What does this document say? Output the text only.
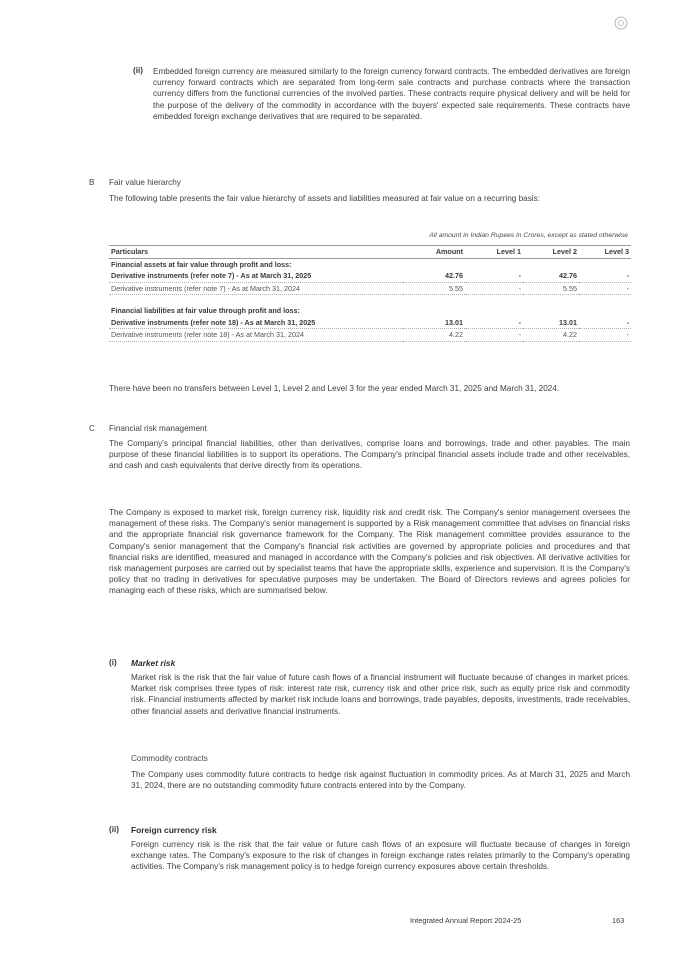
(ii) Embedded foreign currency are measured similarly to the foreign currency forward contracts. The embedded derivatives are foreign currency forward contracts which are separated from long-term sale contracts and purchase contracts where the transaction currency differs from the functional currencies of the involved parties. These contracts require physical delivery and will be held for the purpose of the delivery of the commodity in accordance with the buyers' expected sale requirements. These contracts have embedded foreign exchange derivatives that are required to be separated.

B Fair value hierarchy

The following table presents the fair value hierarchy of assets and liabilities measured at fair value on a recurring basis:

All amount in Indian Rupees in Crores, except as stated otherwise
Particulars	Amount	Level 1	Level 2	Level 3
Financial assets at fair value through profit and loss:				
Derivative instruments (refer note 7) - As at March 31, 2025	42.76	-	42.76	-
Derivative instruments (refer note 7) - As at March 31, 2024	5.55	-	5.55	-

Financial liabilities at fair value through profit and loss:				
Derivative instruments (refer note 18) - As at March 31, 2025	13.01	-	13.01	-
Derivative instruments (refer note 18) - As at March 31, 2024	4.22	-	4.22	-

There have been no transfers between Level 1, Level 2 and Level 3 for the year ended March 31, 2025 and March 31, 2024.

C Financial risk management

The Company's principal financial liabilities, other than derivatives, comprise loans and borrowings, trade and other payables. The main purpose of these financial liabilities is to support its operations. The Company's principal financial assets include trade and other receivables, and cash and cash equivalents that derive directly from its operations.

The Company is exposed to market risk, foreign currency risk, liquidity risk and credit risk. The Company's senior management oversees the management of these risks. The Company's senior management is supported by a Risk management committee that advises on financial risks and the appropriate financial risk governance framework for the Company. The Risk management committee provides assurance to the Company's senior management that the Company's financial risk activities are governed by appropriate policies and procedures and that financial risks are identified, measured and managed in accordance with the Company's policies and risk objectives. All derivative activities for risk management purposes are carried out by specialist teams that have the appropriate skills, experience and supervision. It is the Company's policy that no trading in derivatives for speculative purposes may be undertaken. The Board of Directors reviews and agrees policies for managing each of these risks, which are summarised below.

(i) Market risk

Market risk is the risk that the fair value of future cash flows of a financial instrument will fluctuate because of changes in market prices. Market risk comprises three types of risk: interest rate risk, currency risk and other price risk, such as equity price risk and commodity risk. Financial instruments affected by market risk include loans and borrowings, trade payables, deposits, investments, trade receivables, other financial assets and derivative financial instruments.

Commodity contracts

The Company uses commodity future contracts to hedge risk against fluctuation in commodity prices. As at March 31, 2025 and March 31, 2024, there are no outstanding commodity future contracts entered into by the Company.

(ii) Foreign currency risk

Foreign currency risk is the risk that the fair value or future cash flows of an exposure will fluctuate because of changes in foreign exchange rates. The Company's exposure to the risk of changes in foreign exchange rates relates primarily to the Company's operating activities. The Company's risk management policy is to hedge foreign currency exposures above certain thresholds.

Integrated Annual Report 2024-25	163
